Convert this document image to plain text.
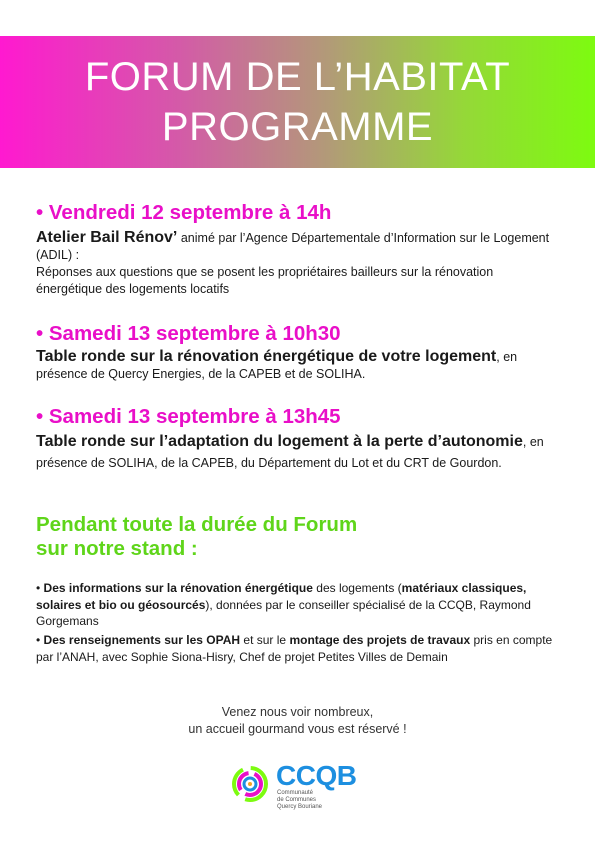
FORUM DE L’HABITAT
PROGRAMME
• Vendredi 12 septembre à 14h
Atelier Bail Rénov’ animé par l’Agence Départementale d’Information sur le Logement (ADIL) :
Réponses aux questions que se posent les propriétaires bailleurs sur la rénovation énergétique des logements locatifs
• Samedi 13 septembre à 10h30
Table ronde sur la rénovation énergétique de votre logement, en présence de Quercy Energies, de la CAPEB et de SOLIHA.
• Samedi 13 septembre à 13h45
Table ronde sur l’adaptation du logement à la perte d’autonomie, en présence de SOLIHA, de la CAPEB, du Département du Lot et du CRT de Gourdon.
Pendant toute la durée du Forum
sur notre stand :
• Des informations sur la rénovation énergétique des logements (matériaux classiques, solaires et bio ou géosourcés), données par le conseiller spécialisé de la CCQB, Raymond Gorgemans
• Des renseignements sur les OPAH et sur le montage des projets de travaux pris en compte par l’ANAH, avec Sophie Siona-Hisry, Chef de projet Petites Villes de Demain
Venez nous voir nombreux,
un accueil gourmand vous est réservé !
CCQB
Communauté
de Communes
Quercy Bouriane
